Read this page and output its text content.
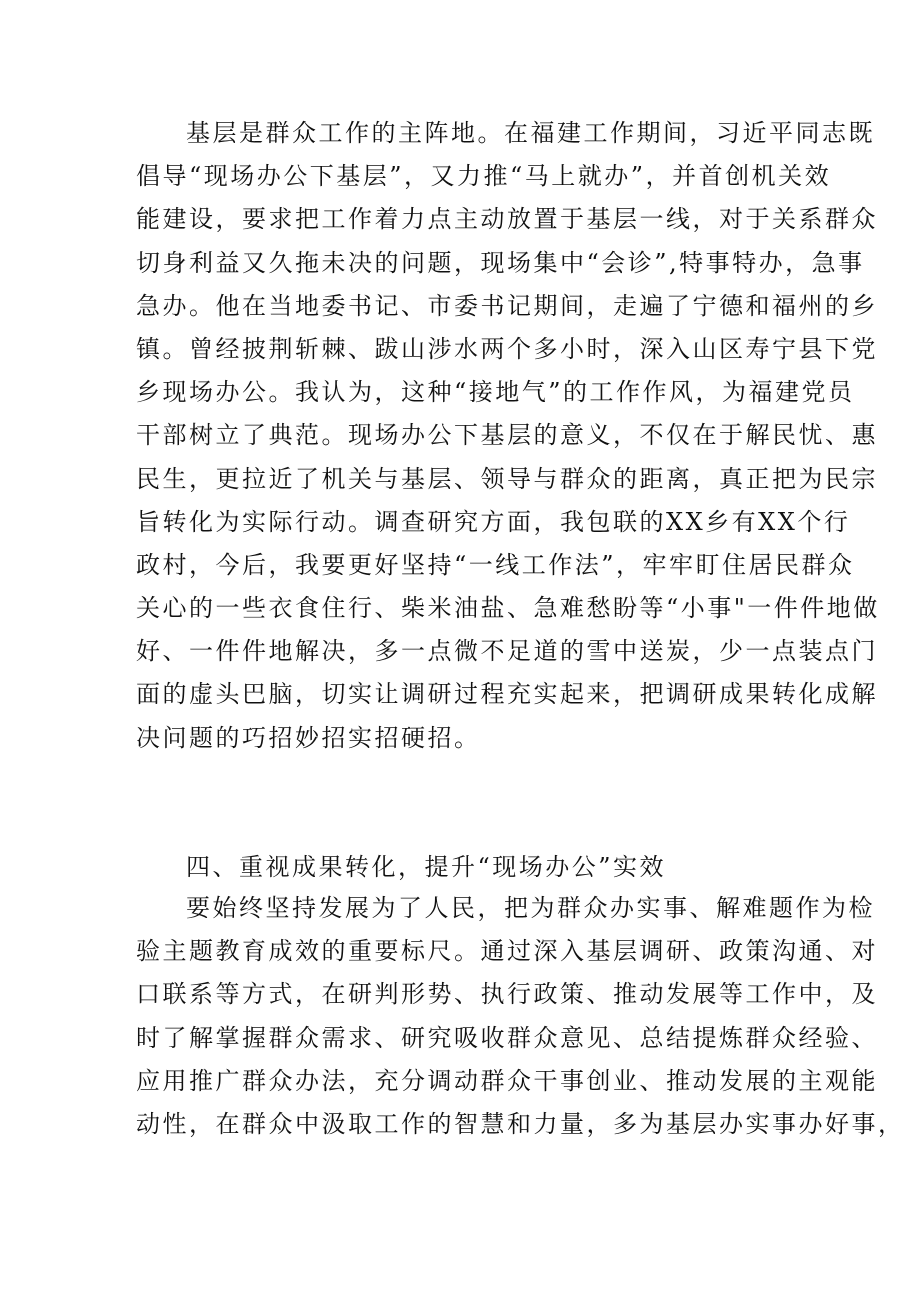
基层是群众工作的主阵地。在福建工作期间，习近平同志既
倡导“现场办公下基层”，又力推“马上就办”，并首创机关效
能建设，要求把工作着力点主动放置于基层一线，对于关系群众
切身利益又久拖未决的问题，现场集中“会诊”,特事特办，急事
急办。他在当地委书记、市委书记期间，走遍了宁德和福州的乡
镇。曾经披荆斩棘、跋山涉水两个多小时，深入山区寿宁县下党
乡现场办公。我认为，这种“接地气”的工作作风，为福建党员
干部树立了典范。现场办公下基层的意义，不仅在于解民忧、惠
民生，更拉近了机关与基层、领导与群众的距离，真正把为民宗
旨转化为实际行动。调查研究方面，我包联的XX乡有XX个行
政村，今后，我要更好坚持“一线工作法”，牢牢盯住居民群众
关心的一些衣食住行、柴米油盐、急难愁盼等“小事"一件件地做
好、一件件地解决，多一点微不足道的雪中送炭，少一点装点门
面的虚头巴脑，切实让调研过程充实起来，把调研成果转化成解
决问题的巧招妙招实招硬招。
四、重视成果转化，提升“现场办公”实效
要始终坚持发展为了人民，把为群众办实事、解难题作为检
验主题教育成效的重要标尺。通过深入基层调研、政策沟通、对
口联系等方式，在研判形势、执行政策、推动发展等工作中，及
时了解掌握群众需求、研究吸收群众意见、总结提炼群众经验、
应用推广群众办法，充分调动群众干事创业、推动发展的主观能
动性，在群众中汲取工作的智慧和力量，多为基层办实事办好事，
